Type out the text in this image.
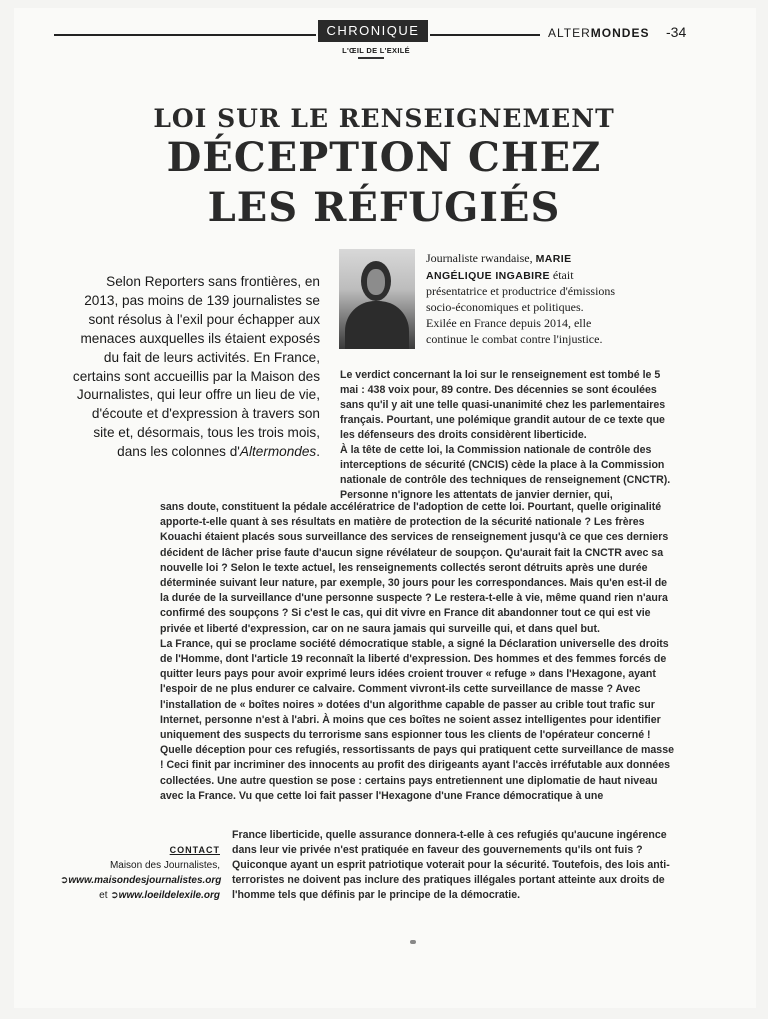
CHRONIQUE
L'ŒIL DE L'EXILÉ
ALTERMONDES -34
LOI SUR LE RENSEIGNEMENT
DÉCEPTION CHEZ
LES RÉFUGIÉS
Journaliste rwandaise, MARIE ANGÉLIQUE INGABIRE était présentatrice et productrice d'émissions socio-économiques et politiques. Exilée en France depuis 2014, elle continue le combat contre l'injustice.
Selon Reporters sans frontières, en 2013, pas moins de 139 journalistes se sont résolus à l'exil pour échapper aux menaces auxquelles ils étaient exposés du fait de leurs activités. En France, certains sont accueillis par la Maison des Journalistes, qui leur offre un lieu de vie, d'écoute et d'expression à travers son site et, désormais, tous les trois mois, dans les colonnes d'Altermondes.

Le verdict concernant la loi sur le renseignement est tombé le 5 mai : 438 voix pour, 89 contre. Des décennies se sont écoulées sans qu'il y ait une telle quasi-unanimité chez les parlementaires français. Pourtant, une polémique grandit autour de ce texte que les défenseurs des droits considèrent liberticide.

À la tête de cette loi, la Commission nationale de contrôle des interceptions de sécurité (CNCIS) cède la place à la Commission nationale de contrôle des techniques de renseignement (CNCTR). Personne n'ignore les attentats de janvier dernier, qui,

sans doute, constituent la pédale accélératrice de l'adoption de cette loi. Pourtant, quelle originalité apporte-t-elle quant à ses résultats en matière de protection de la sécurité nationale ? Les frères Kouachi étaient placés sous surveillance des services de renseignement jusqu'à ce que ces derniers décident de lâcher prise faute d'aucun signe révélateur de soupçon. Qu'aurait fait la CNCTR avec sa nouvelle loi ? Selon le texte actuel, les renseignements collectés seront détruits après une durée déterminée suivant leur nature, par exemple, 30 jours pour les correspondances. Mais qu'en est-il de la durée de la surveillance d'une personne suspecte ? Le restera-t-elle à vie, même quand rien n'aura confirmé des soupçons ? Si c'est le cas, qui dit vivre en France dit abandonner tout ce qui est vie privée et liberté d'expression, car on ne saura jamais qui surveille qui, et dans quel but.

La France, qui se proclame société démocratique stable, a signé la Déclaration universelle des droits de l'Homme, dont l'article 19 reconnaît la liberté d'expression. Des hommes et des femmes forcés de quitter leurs pays pour avoir exprimé leurs idées croient trouver « refuge » dans l'Hexagone, ayant l'espoir de ne plus endurer ce calvaire. Comment vivront-ils cette surveillance de masse ? Avec l'installation de « boîtes noires » dotées d'un algorithme capable de passer au crible tout trafic sur Internet, personne n'est à l'abri. À moins que ces boîtes ne soient assez intelligentes pour identifier uniquement des suspects du terrorisme sans espionner tous les clients de l'opérateur concerné !

Quelle déception pour ces refugiés, ressortissants de pays qui pratiquent cette surveillance de masse ! Ceci finit par incriminer des innocents au profit des dirigeants ayant l'accès irréfutable aux données collectées. Une autre question se pose : certains pays entretiennent une diplomatie de haut niveau avec la France. Vu que cette loi fait passer l'Hexagone d'une France démocratique à une

France liberticide, quelle assurance donnera-t-elle à ces refugiés qu'aucune ingérence dans leur vie privée n'est pratiquée en faveur des gouvernements qu'ils ont fuis ? Quiconque ayant un esprit patriotique voterait pour la sécurité. Toutefois, des lois anti-terroristes ne doivent pas inclure des pratiques illégales portant atteinte aux droits de l'homme tels que définis par le principe de la démocratie.

CONTACT
Maison des Journalistes,
➲www.maisondesjournalistes.org
et ➲www.loeildelexile.org
